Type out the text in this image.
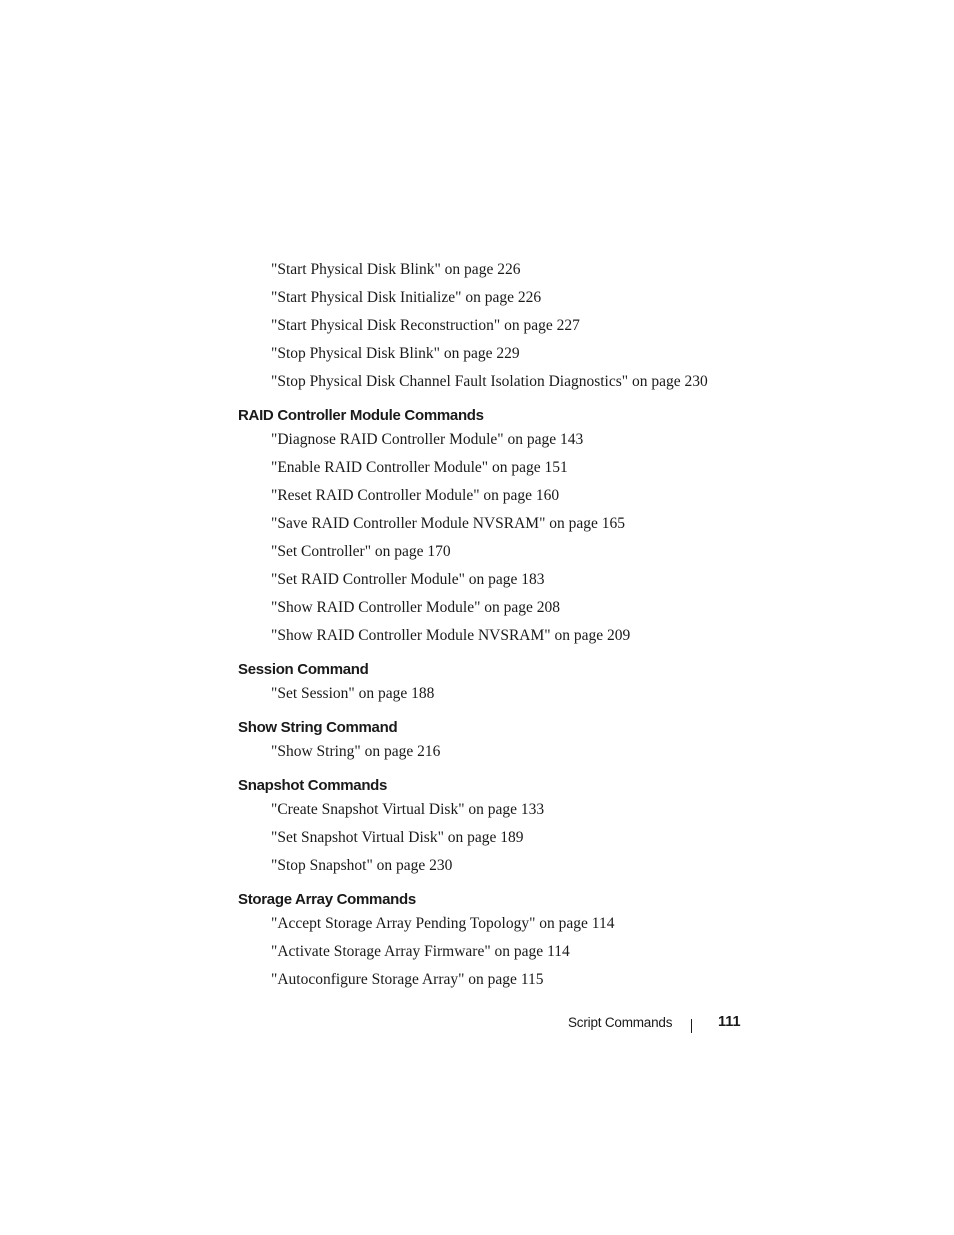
"Start Physical Disk Blink" on page 226
"Start Physical Disk Initialize" on page 226
"Start Physical Disk Reconstruction" on page 227
"Stop Physical Disk Blink" on page 229
"Stop Physical Disk Channel Fault Isolation Diagnostics" on page 230
RAID Controller Module Commands
"Diagnose RAID Controller Module" on page 143
"Enable RAID Controller Module" on page 151
"Reset RAID Controller Module" on page 160
"Save RAID Controller Module NVSRAM" on page 165
"Set Controller" on page 170
"Set RAID Controller Module" on page 183
"Show RAID Controller Module" on page 208
"Show RAID Controller Module NVSRAM" on page 209
Session Command
"Set Session" on page 188
Show String Command
"Show String" on page 216
Snapshot Commands
"Create Snapshot Virtual Disk" on page 133
"Set Snapshot Virtual Disk" on page 189
"Stop Snapshot" on page 230
Storage Array Commands
"Accept Storage Array Pending Topology" on page 114
"Activate Storage Array Firmware" on page 114
"Autoconfigure Storage Array" on page 115
Script Commands	111
